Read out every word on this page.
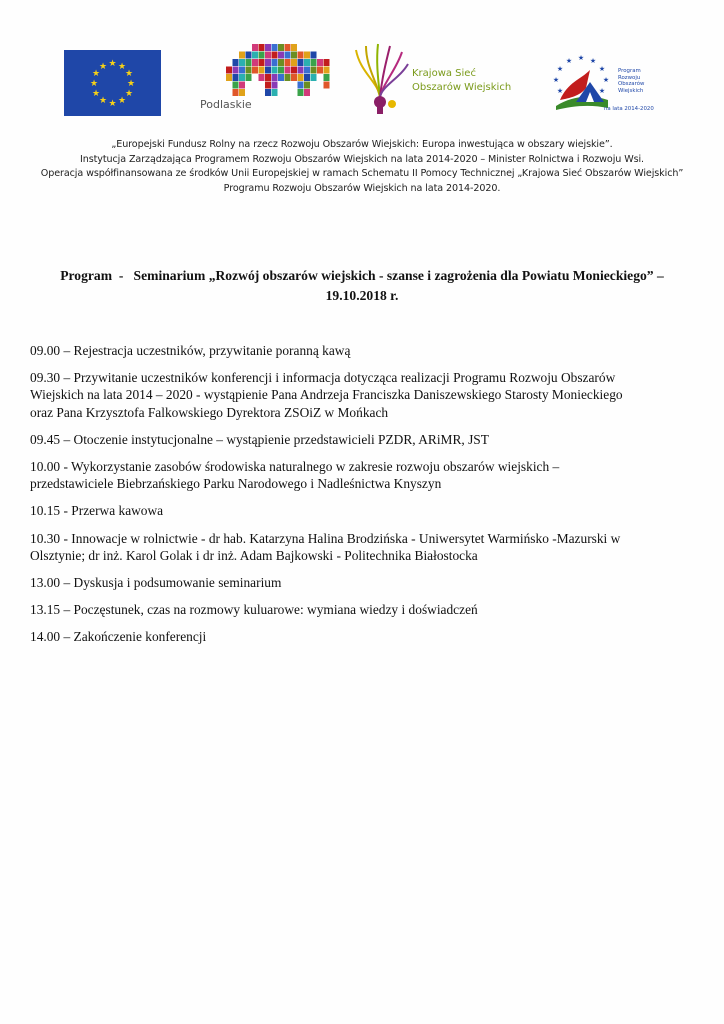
★ ★
★
★
★
★
★
★
★
★
★
★
Podlaskie
Krajowa Sieć
Obszarów Wiejskich
★ ★
★
★
★
★
★
★
★
Program
Rozwoju
Obszarów
Wiejskich
na lata 2014-2020
„Europejski Fundusz Rolny na rzecz Rozwoju Obszarów Wiejskich: Europa inwestująca w obszary wiejskie”.
Instytucja Zarządzająca Programem Rozwoju Obszarów Wiejskich na lata 2014-2020 – Minister Rolnictwa i Rozwoju Wsi.
Operacja współfinansowana ze środków Unii Europejskiej w ramach Schematu II Pomocy Technicznej „Krajowa Sieć Obszarów Wiejskich”
Programu Rozwoju Obszarów Wiejskich na lata 2014-2020.
Program  -   Seminarium „Rozwój obszarów wiejskich - szanse i zagrożenia dla Powiatu Monieckiego” –
19.10.2018 r.
09.00 – Rejestracja uczestników, przywitanie poranną kawą
09.30 – Przywitanie uczestników konferencji i informacja dotycząca realizacji Programu Rozwoju Obszarów
Wiejskich na lata 2014 – 2020 - wystąpienie Pana Andrzeja Franciszka Daniszewskiego Starosty Monieckiego
oraz Pana Krzysztofa Falkowskiego Dyrektora ZSOiZ w Mońkach
09.45 – Otoczenie instytucjonalne – wystąpienie przedstawicieli PZDR, ARiMR, JST
10.00 - Wykorzystanie zasobów środowiska naturalnego w zakresie rozwoju obszarów wiejskich –
przedstawiciele Biebrzańskiego Parku Narodowego i Nadleśnictwa Knyszyn
10.15 - Przerwa kawowa
10.30 - Innowacje w rolnictwie - dr hab. Katarzyna Halina Brodzińska - Uniwersytet Warmińsko -Mazurski w
Olsztynie; dr inż. Karol Golak i dr inż. Adam Bajkowski - Politechnika Białostocka
13.00 – Dyskusja i podsumowanie seminarium
13.15 – Poczęstunek, czas na rozmowy kuluarowe: wymiana wiedzy i doświadczeń
14.00 – Zakończenie konferencji
